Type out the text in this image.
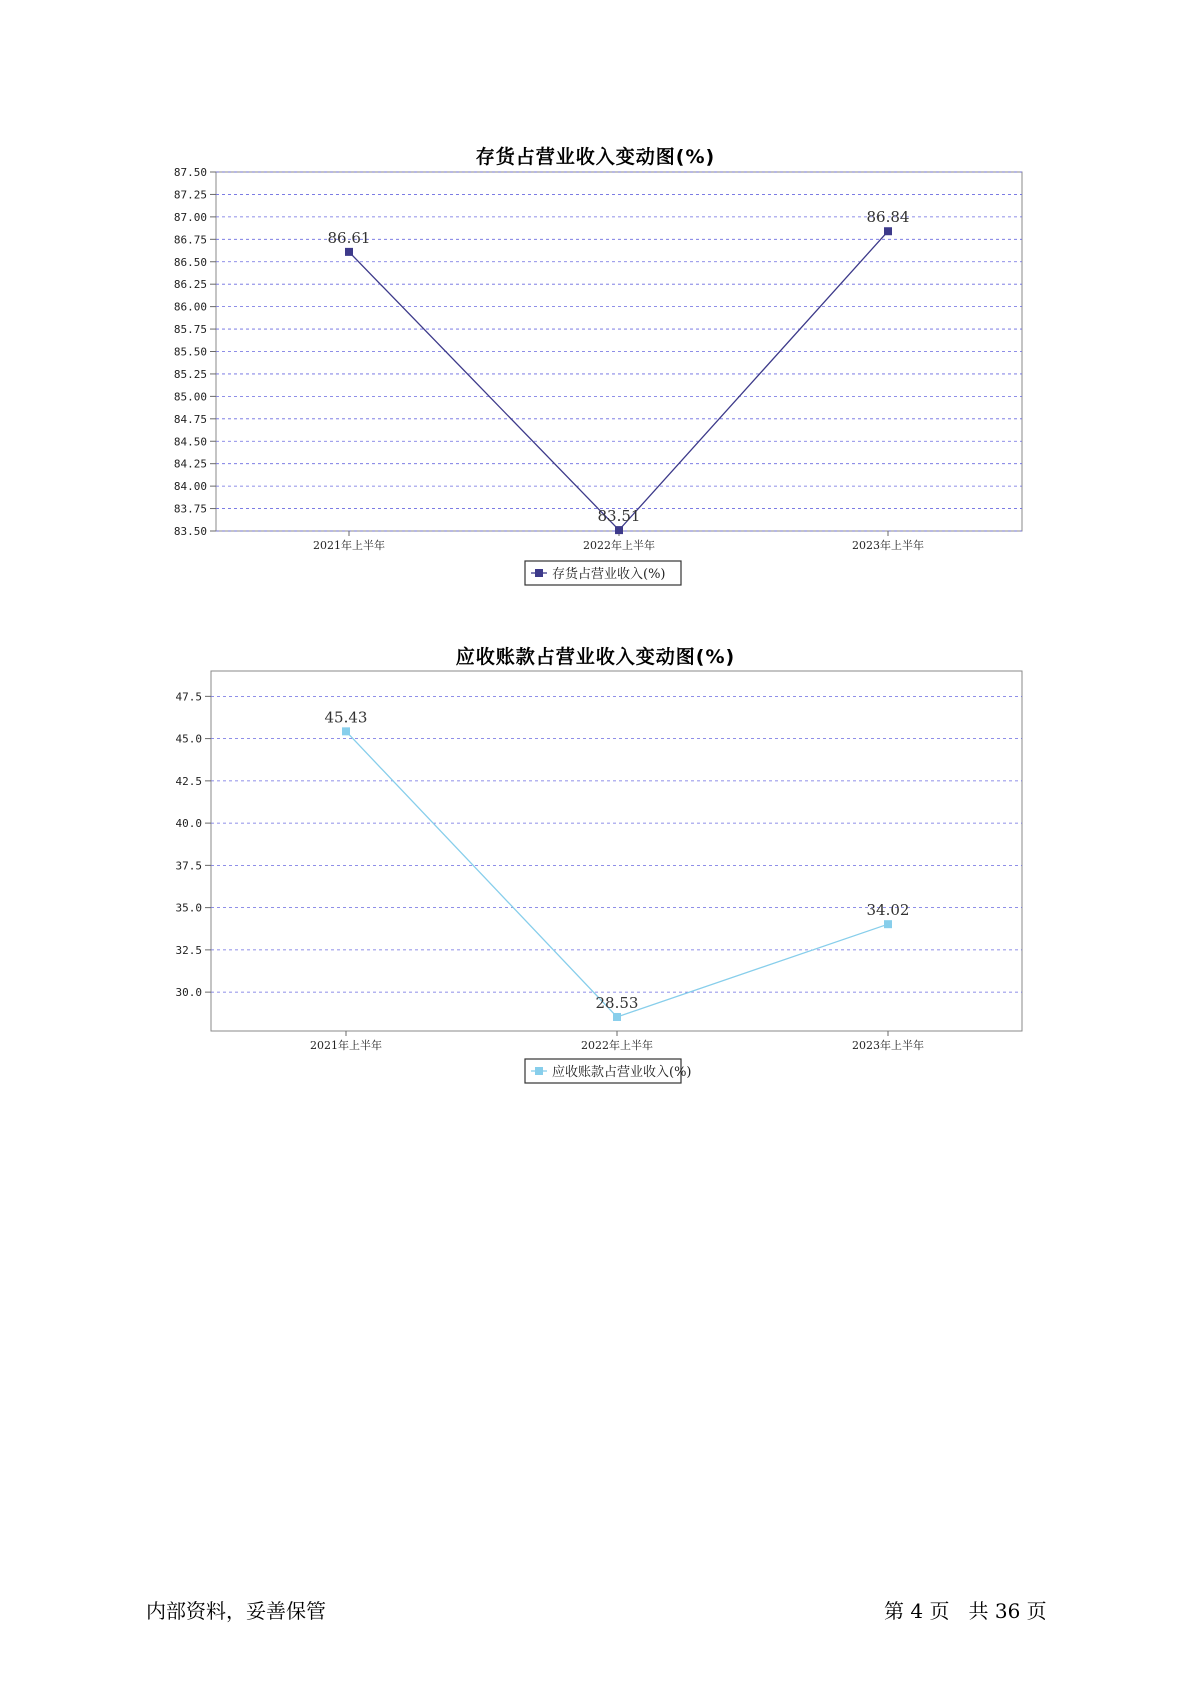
存货占营业收入变动图(%)
83.50
83.75
84.00
84.25
84.50
84.75
85.00
85.25
85.50
85.75
86.00
86.25
86.50
86.75
87.00
87.25
87.50
2021年上半年	2022年上半年	2023年上半年
86.61
83.51
86.84
存货占营业收入(%)
应收账款占营业收入变动图(%)
30.0
32.5
35.0
37.5
40.0
42.5
45.0
47.5
2021年上半年	2022年上半年	2023年上半年
45.43
28.53
34.02
应收账款占营业收入(%)
内部资料，妥善保管	第 4 页   共 36 页
